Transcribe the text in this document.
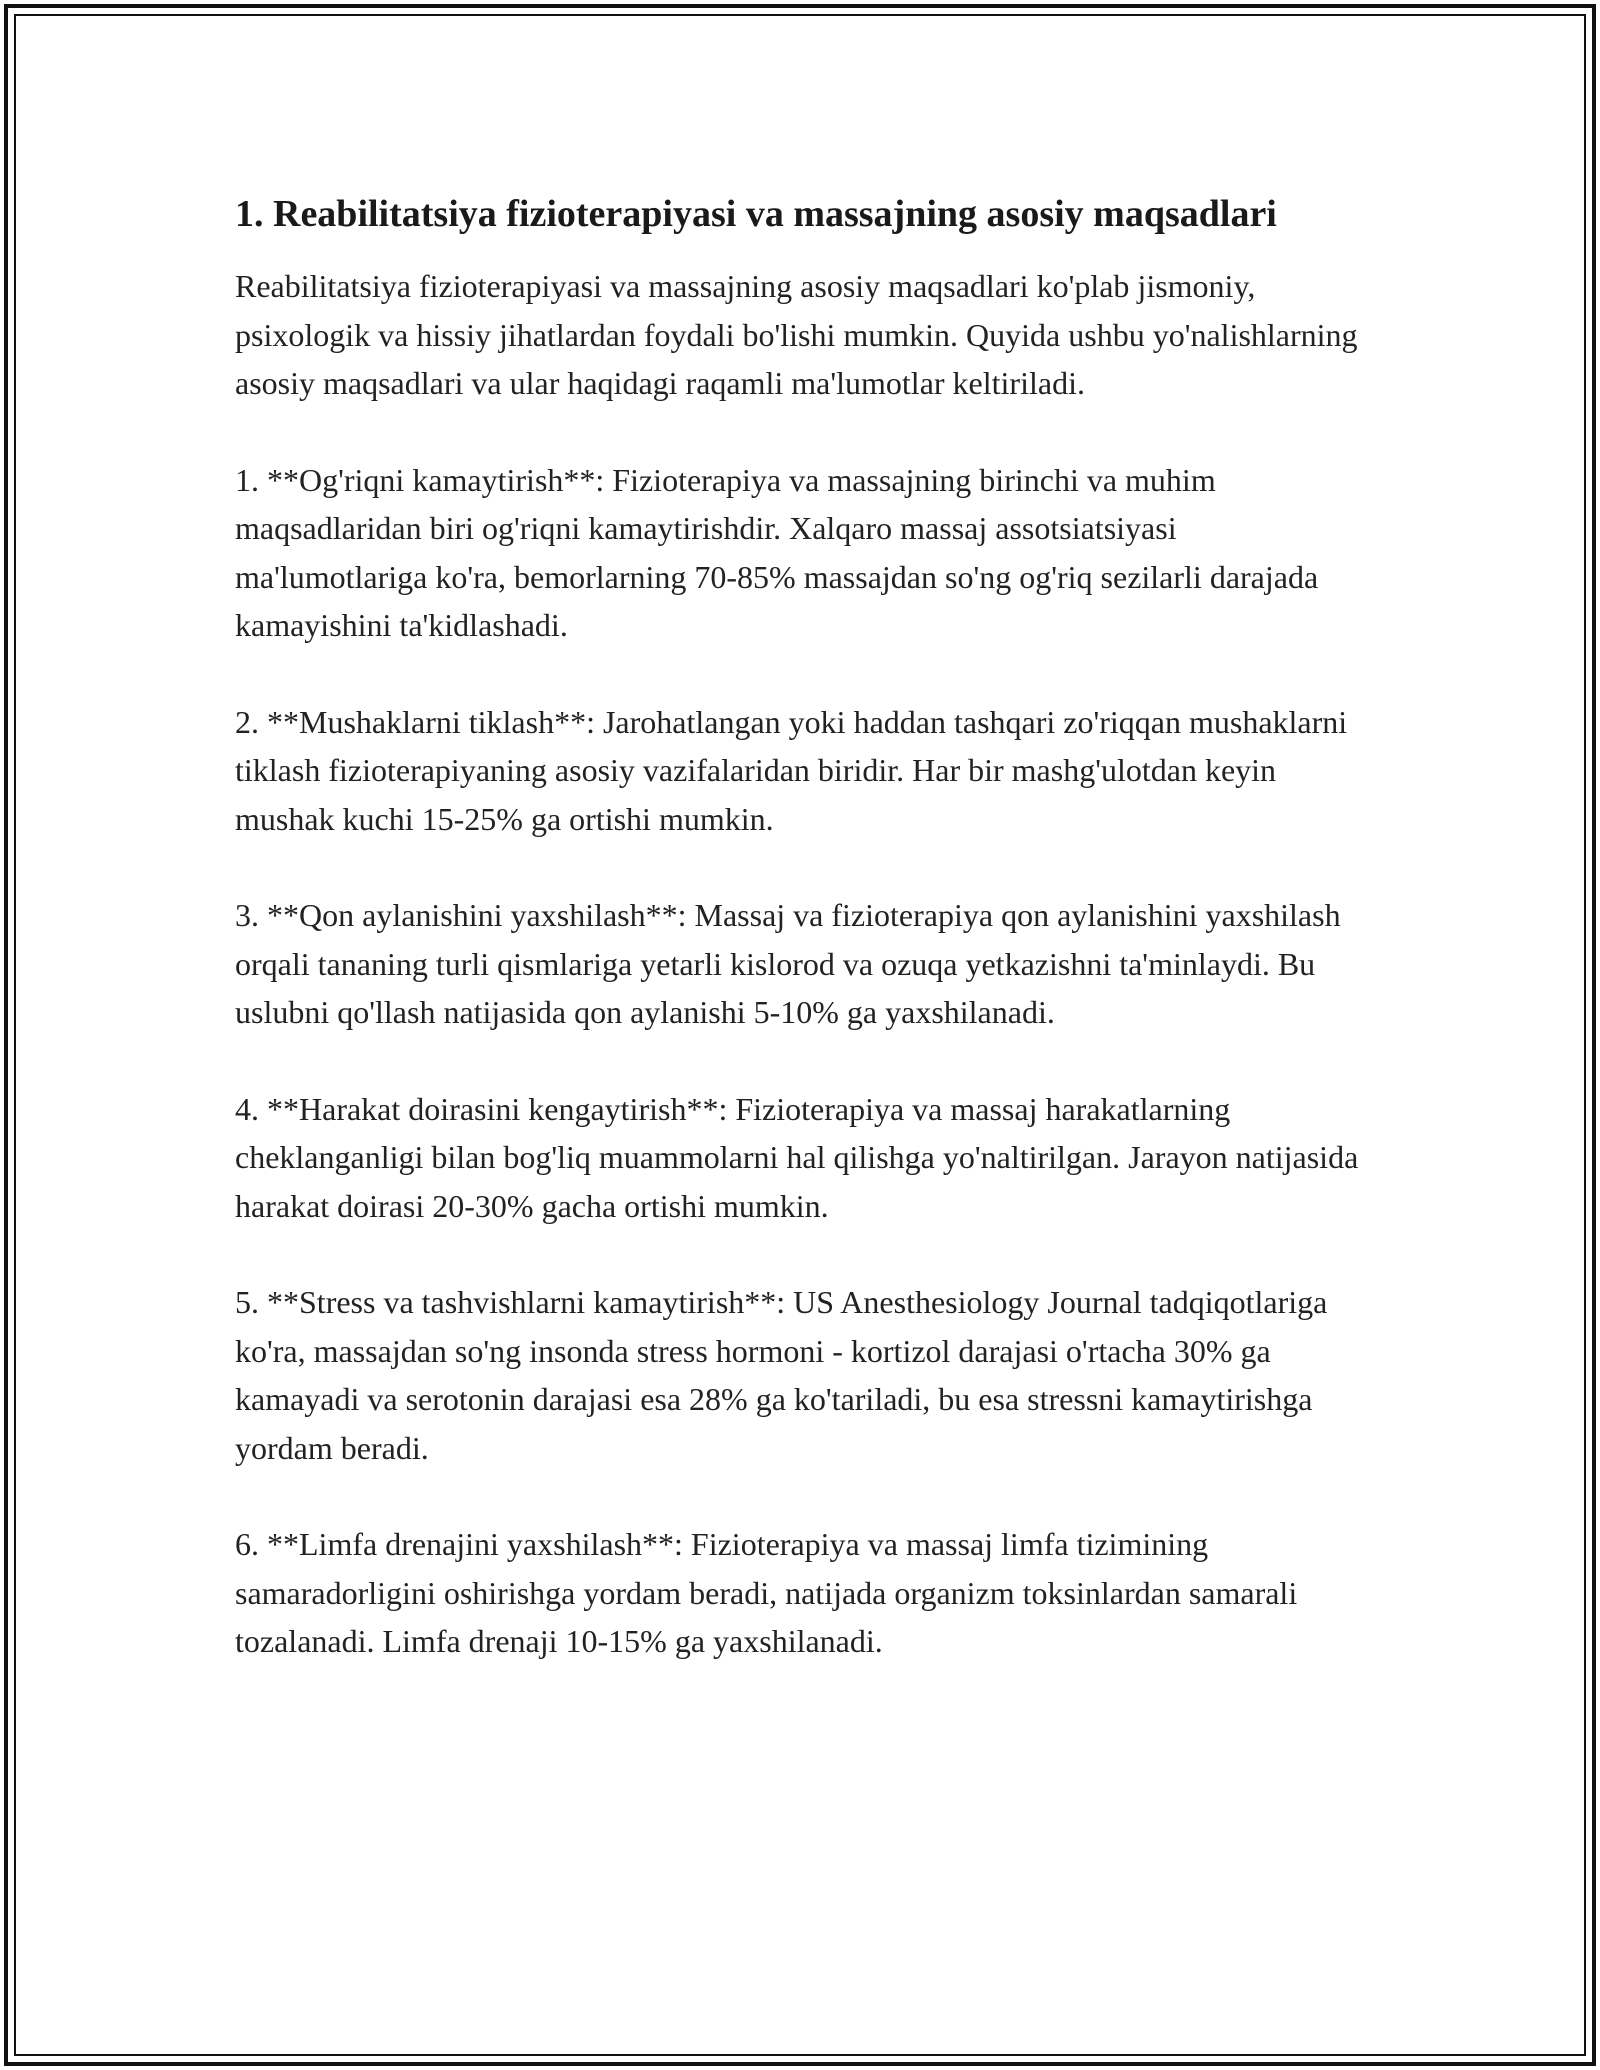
1. Reabilitatsiya fizioterapiyasi va massajning asosiy maqsadlari

Reabilitatsiya fizioterapiyasi va massajning asosiy maqsadlari ko'plab jismoniy, psixologik va hissiy jihatlardan foydali bo'lishi mumkin. Quyida ushbu yo'nalishlarning asosiy maqsadlari va ular haqidagi raqamli ma'lumotlar keltiriladi.

1. **Og'riqni kamaytirish**: Fizioterapiya va massajning birinchi va muhim maqsadlaridan biri og'riqni kamaytirishdir. Xalqaro massaj assotsiatsiyasi ma'lumotlariga ko'ra, bemorlarning 70-85% massajdan so'ng og'riq sezilarli darajada kamayishini ta'kidlashadi.

2. **Mushaklarni tiklash**: Jarohatlangan yoki haddan tashqari zo'riqqan mushaklarni tiklash fizioterapiyaning asosiy vazifalaridan biridir. Har bir mashg'ulotdan keyin mushak kuchi 15-25% ga ortishi mumkin.

3. **Qon aylanishini yaxshilash**: Massaj va fizioterapiya qon aylanishini yaxshilash orqali tananing turli qismlariga yetarli kislorod va ozuqa yetkazishni ta'minlaydi. Bu uslubni qo'llash natijasida qon aylanishi 5-10% ga yaxshilanadi.

4. **Harakat doirasini kengaytirish**: Fizioterapiya va massaj harakatlarning cheklanganligi bilan bog'liq muammolarni hal qilishga yo'naltirilgan. Jarayon natijasida harakat doirasi 20-30% gacha ortishi mumkin.

5. **Stress va tashvishlarni kamaytirish**: US Anesthesiology Journal tadqiqotlariga ko'ra, massajdan so'ng insonda stress hormoni - kortizol darajasi o'rtacha 30% ga kamayadi va serotonin darajasi esa 28% ga ko'tariladi, bu esa stressni kamaytirishga yordam beradi.

6. **Limfa drenajini yaxshilash**: Fizioterapiya va massaj limfa tizimining samaradorligini oshirishga yordam beradi, natijada organizm toksinlardan samarali tozalanadi. Limfa drenaji 10-15% ga yaxshilanadi.
